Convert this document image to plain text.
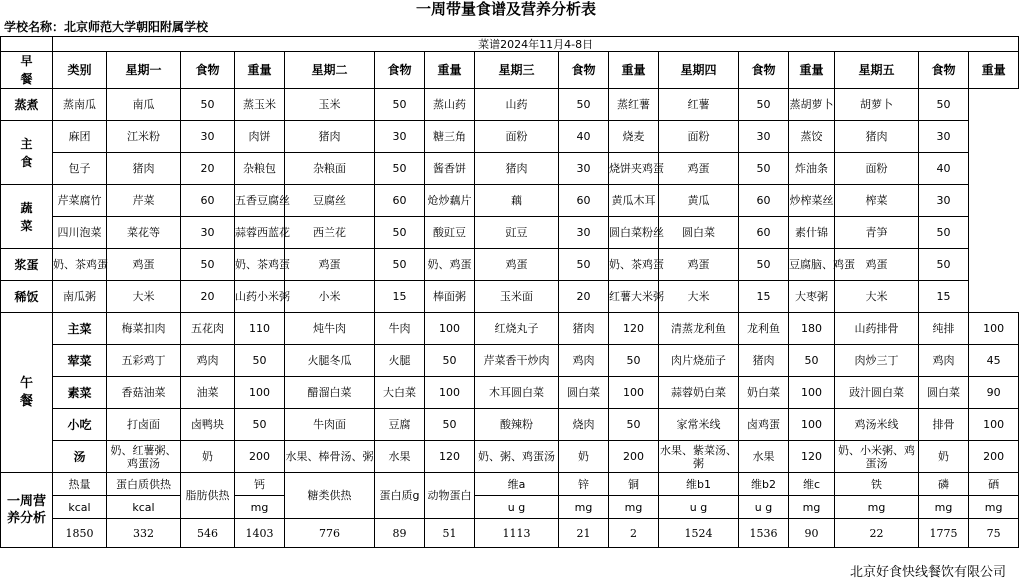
一周带量食谱及营养分析表
学校名称：北京师范大学朝阳附属学校
	菜谱2024年11月4-8日															
早餐	类别	星期一	食物	重量	星期二	食物	重量	星期三	食物	重量	星期四	食物	重量	星期五	食物	重量
蒸煮	蒸南瓜	南瓜	50	蒸玉米	玉米	50	蒸山药	山药	50	蒸红薯	红薯	50	蒸胡萝卜	胡萝卜	50	
主食	麻团	江米粉	30	肉饼	猪肉	30	糖三角	面粉	40	烧麦	面粉	30	蒸饺	猪肉	30	
	包子	猪肉	20	杂粮包	杂粮面	50	酱香饼	猪肉	30	烧饼夹鸡蛋	鸡蛋	50	炸油条	面粉	40	
蔬菜	芹菜腐竹	芹菜	60	五香豆腐丝	豆腐丝	60	炝炒藕片	藕	60	黄瓜木耳	黄瓜	60	炒榨菜丝	榨菜	30	
	四川泡菜	菜花等	30	蒜蓉西蓝花	西兰花	50	酸豇豆	豇豆	30	圆白菜粉丝	圆白菜	60	素什锦	青笋	50	
浆蛋	奶、茶鸡蛋	鸡蛋	50	奶、茶鸡蛋	鸡蛋	50	奶、鸡蛋	鸡蛋	50	奶、茶鸡蛋	鸡蛋	50	豆腐脑、鸡蛋	鸡蛋	50	
稀饭	南瓜粥	大米	20	山药小米粥	小米	15	棒面粥	玉米面	20	红薯大米粥	大米	15	大枣粥	大米	15	
午餐	主菜	梅菜扣肉	五花肉	110	炖牛肉	牛肉	100	红烧丸子	猪肉	120	清蒸龙利鱼	龙利鱼	180	山药排骨	纯排	100
	荤菜	五彩鸡丁	鸡肉	50	火腿冬瓜	火腿	50	芹菜香干炒肉	鸡肉	50	肉片烧茄子	猪肉	50	肉炒三丁	鸡肉	45
	素菜	香菇油菜	油菜	100	醋溜白菜	大白菜	100	木耳圆白菜	圆白菜	100	蒜蓉奶白菜	奶白菜	100	豉汁圆白菜	圆白菜	90
	小吃	打卤面	卤鸭块	50	牛肉面	豆腐	50	酸辣粉	烧肉	50	家常米线	卤鸡蛋	100	鸡汤米线	排骨	100
	汤	奶、红薯粥、鸡蛋汤	奶	200	水果、棒骨汤、粥	水果	120	奶、粥、鸡蛋汤	奶	200	水果、紫菜汤、粥	水果	120	奶、小米粥、鸡蛋汤	奶	200
一周营养分析	热量	蛋白质供热	脂肪供热	钙	糖类供热	蛋白质g	动物蛋白	维a	锌	铜	维b1	维b2	维c	铁	磷	硒
	kcal	kcal		mg				u g	mg	mg	u g	u g	mg	mg	mg	mg
	1850	332	546	1403	776	89	51	1113	21	2	1524	1536	90	22	1775	75
北京好食快线餐饮有限公司
